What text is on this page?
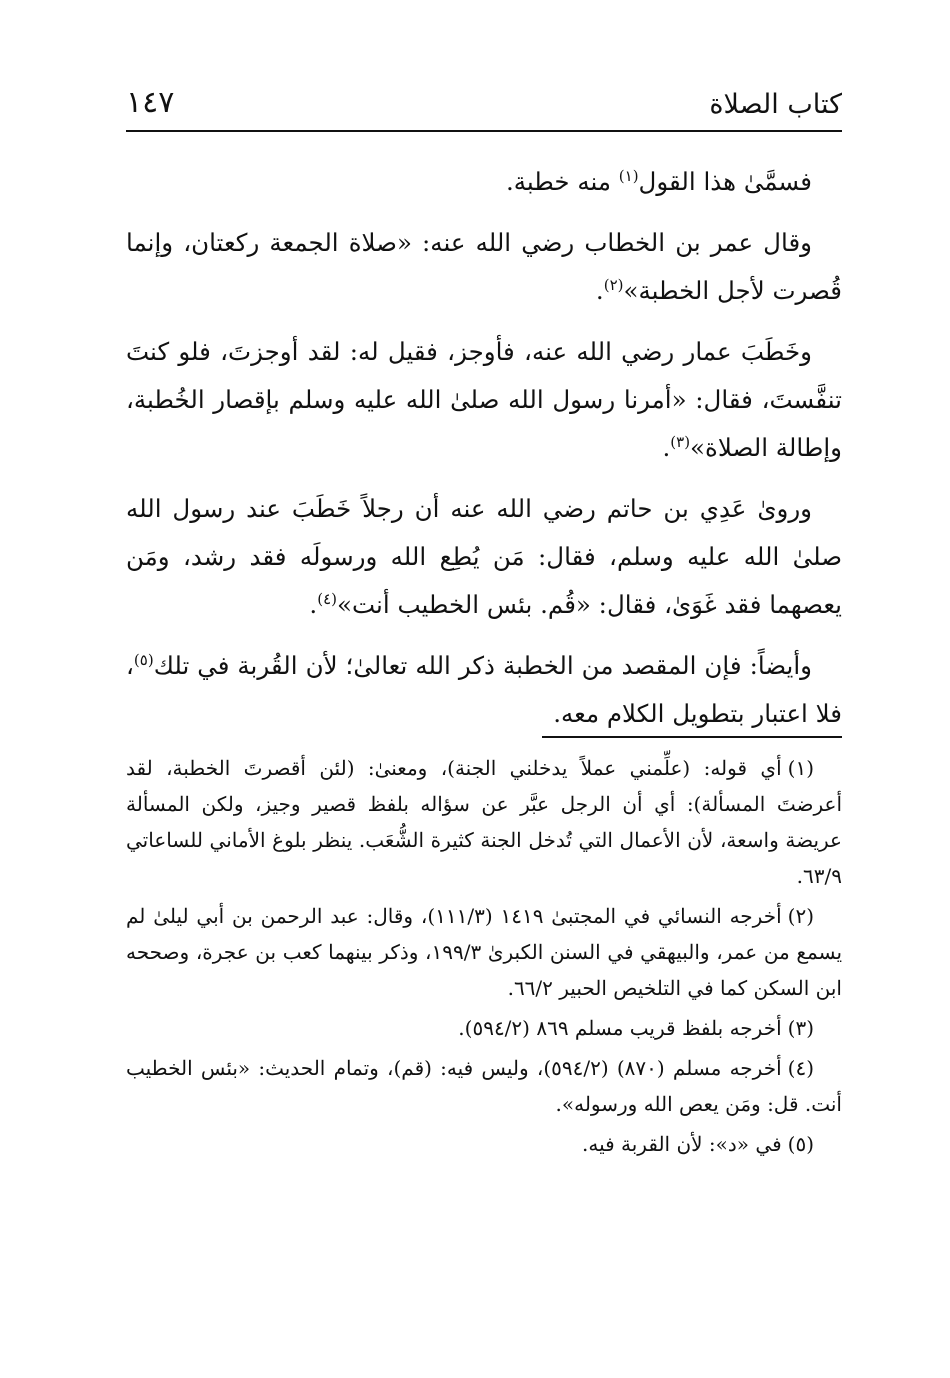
كتاب الصلاة
١٤٧

فسمَّىٰ هذا القول$^{(١)}$ منه خطبة.

وقال عمر بن الخطاب رضي الله عنه: «صلاة الجمعة ركعتان، وإنما قُصرت لأجل الخطبة»$^{(٢)}$.

وخَطَبَ عمار رضي الله عنه، فأوجز، فقيل له: لقد أوجزتَ، فلو كنتَ تنفَّستَ، فقال: «أمرنا رسول الله صلىٰ الله عليه وسلم بإقصار الخُطبة، وإطالة الصلاة»$^{(٣)}$.

وروىٰ عَدِي بن حاتم رضي الله عنه أن رجلاً خَطَبَ عند رسول الله صلىٰ الله عليه وسلم، فقال: مَن يُطِع الله ورسولَه فقد رشد، ومَن يعصهما فقد غَوَىٰ، فقال: «قُم. بئس الخطيب أنت»$^{(٤)}$.

وأيضاً: فإن المقصد من الخطبة ذكر الله تعالىٰ؛ لأن القُربة في تلك$^{(٥)}$، فلا اعتبار بتطويل الكلام معه.

(١)أي قوله: (علِّمني عملاً يدخلني الجنة)، ومعنىٰ: (لئن أقصرتَ الخطبة، لقد أعرضتَ المسألة): أي أن الرجل عبَّر عن سؤاله بلفظ قصير وجيز، ولكن المسألة عريضة واسعة، لأن الأعمال التي تُدخل الجنة كثيرة الشُّعَب. ينظر بلوغ الأماني للساعاتي ٦٣/٩.

(٢)أخرجه النسائي في المجتبىٰ ١٤١٩ (١١١/٣)، وقال: عبد الرحمن بن أبي ليلىٰ لم يسمع من عمر، والبيهقي في السنن الكبرىٰ ١٩٩/٣، وذكر بينهما كعب بن عجرة، وصححه ابن السكن كما في التلخيص الحبير ٦٦/٢.

(٣)أخرجه بلفظ قريب مسلم ٨٦٩ (٥٩٤/٢).

(٤)أخرجه مسلم (٨٧٠) (٥٩٤/٢)، وليس فيه: (قم)، وتمام الحديث: «بئس الخطيب أنت. قل: ومَن يعص الله ورسوله».

(٥)في «د»: لأن القربة فيه.
